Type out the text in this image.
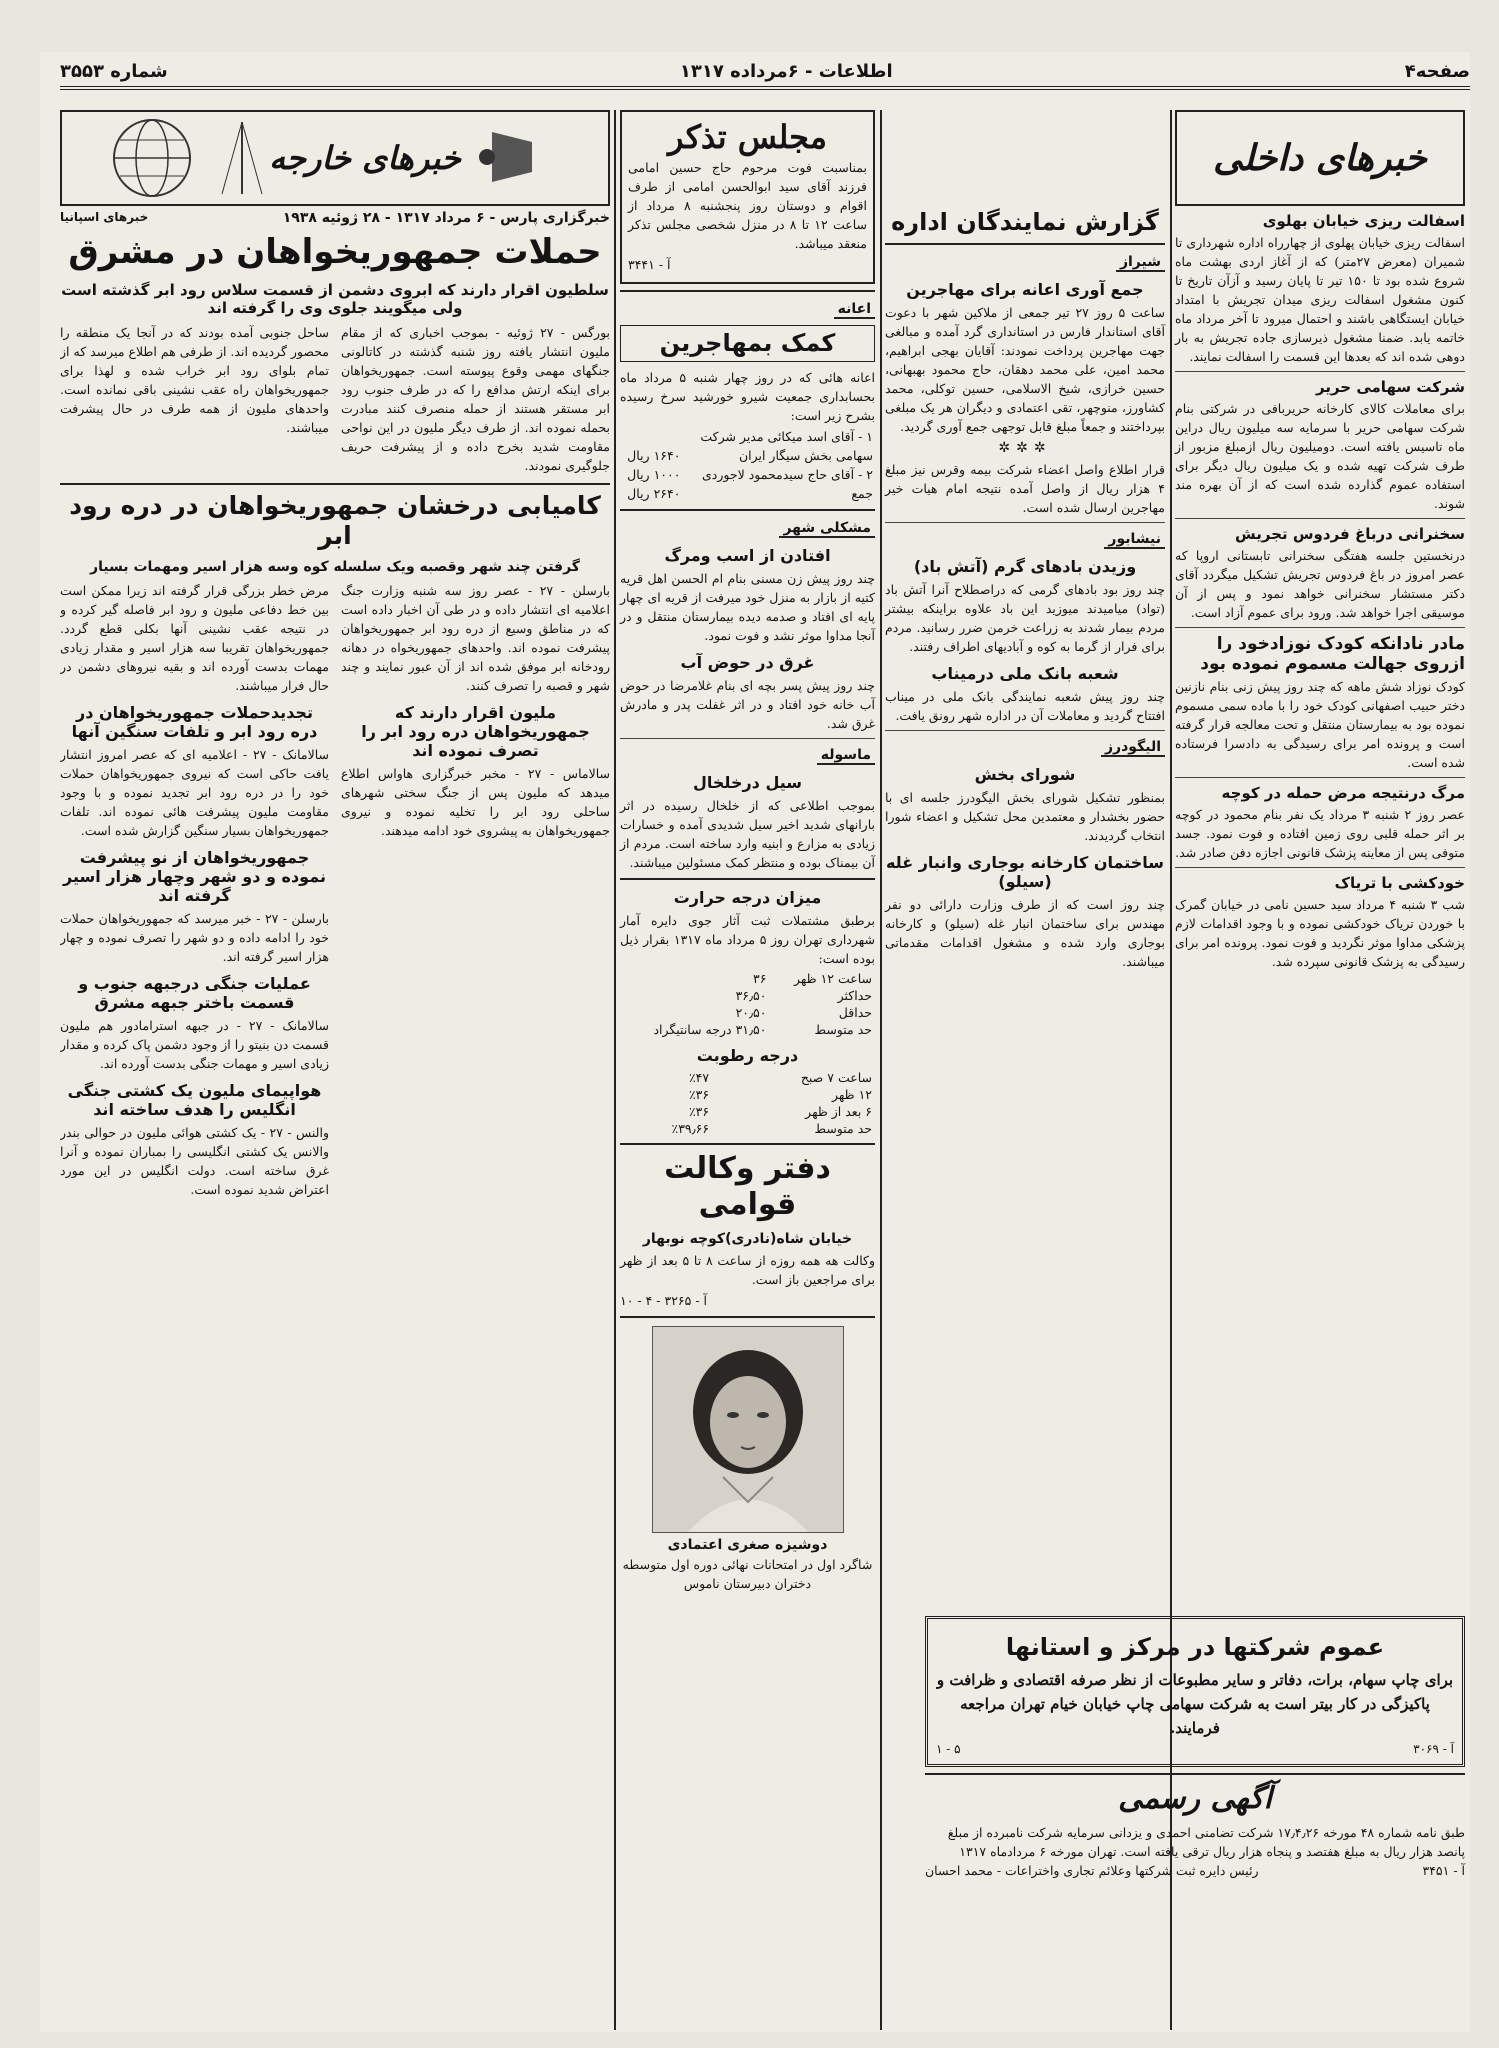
صفحه۴
اطلاعات - ۶مرداده ۱۳۱۷
شماره ۳۵۵۳
خبرهای داخلی
اسفالت ریزی خیابان بهلوی
اسفالت ریزی خیابان پهلوی از چهارراه اداره شهرداری تا شمیران (معرض ۲۷متر) که از آغاز اردی بهشت ماه شروع شده بود تا ۱۵۰ تیر تا پایان رسید و آزآن تاریخ تا کنون مشغول اسفالت ریزی میدان تجریش با امتداد خیابان ایستگاهی باشند و احتمال میرود تا آخر مرداد ماه خاتمه یابد. ضمنا مشغول ذیرسازی جاده تجریش به بار دوهی شده اند که بعدها این قسمت را اسفالت نمایند.
شرکت سهامی حریر
برای معاملات کالای کارخانه حریربافی در شرکتی بنام شرکت سهامی حریر با سرمایه سه میلیون ریال دراین ماه تاسیس یافته است. دومیلیون ریال ازمبلغ مزبور از طرف شرکت تهیه شده و یک میلیون ریال دیگر برای استفاده عموم گذارده شده است که از آن بهره مند شوند.
سخنرانی درباغ فردوس تجریش
درنخستین جلسه هفتگی سخنرانی تابستانی اروپا که عصر امروز در باغ فردوس تجریش تشکیل میگردد آقای دکتر مستشار سخنرانی خواهد نمود و پس از آن موسیقی اجرا خواهد شد. ورود برای عموم آزاد است.
مادر نادانکه کودک نوزادخود را ازروی جهالت مسموم نموده بود
کودک نوزاد شش ماهه که چند روز پیش زنی بنام نازنین دختر حبیب اصفهانی کودک خود را با ماده سمی مسموم نموده بود به بیمارستان منتقل و تحت معالجه قرار گرفته است و پرونده امر برای رسیدگی به دادسرا فرستاده شده است.
مرگ درنتیجه مرض حمله در کوچه
عصر روز ۲ شنبه ۳ مرداد یک نفر بنام محمود در کوچه بر اثر حمله قلبی روی زمین افتاده و فوت نمود. جسد متوفی پس از معاینه پزشک قانونی اجازه دفن صادر شد.
خودکشی با تریاک
شب ۳ شنبه ۴ مرداد سید حسین نامی در خیابان گمرک با خوردن تریاک خودکشی نموده و با وجود اقدامات لازم پزشکی مداوا موثر نگردید و فوت نمود. پرونده امر برای رسیدگی به پزشک قانونی سپرده شد.
گزارش نمایندگان اداره
شیراز
جمع آوری اعانه برای مهاجرین
ساعت ۵ روز ۲۷ تیر جمعی از ملاکین شهر با دعوت آقای استاندار فارس در استانداری گرد آمده و مبالغی جهت مهاجرین پرداخت نمودند: آقایان بهجی ابراهیم، محمد امین، علی محمد دهقان، حاج محمود بهبهانی، حسین خرازی، شیخ الاسلامی، حسین توکلی، محمد کشاورز، منوچهر، تقی اعتمادی و دیگران هر یک مبلغی بپرداختند و جمعاً مبلغ قابل توجهی جمع آوری گردید.
✲✲✲
قرار اطلاع واصل اعضاء شرکت بیمه وقرس نیز مبلغ ۴ هزار ریال از واصل آمده نتیجه امام هیات خیر مهاجرین ارسال شده است.
نیشابور
وزیدن بادهای گرم (آتش باد)
چند روز بود بادهای گرمی که دراصطلاح آنرا آتش باد (تواد) میامیدند میوزید این باد علاوه براینکه بیشتر مردم بیمار شدند به زراعت خرمن ضرر رسانید. مردم برای فرار از گرما به کوه و آبادیهای اطراف رفتند.
شعبه بانک ملی درمیناب
چند روز پیش شعبه نمایندگی بانک ملی در میناب افتتاح گردید و معاملات آن در اداره شهر رونق یافت.
الیگودرز
شورای بخش
بمنظور تشکیل شورای بخش الیگودرز جلسه ای با حضور بخشدار و معتمدین محل تشکیل و اعضاء شورا انتخاب گردیدند.
ساختمان کارخانه بوجاری وانبار غله (سیلو)
چند روز است که از طرف وزارت دارائی دو نفر مهندس برای ساختمان انبار غله (سیلو) و کارخانه بوجاری وارد شده و مشغول اقدامات مقدماتی میباشند.
مجلس تذکر
بمناسبت فوت مرحوم حاج حسین امامی فرزند آقای سید ابوالحسن امامی از طرف اقوام و دوستان روز پنجشنبه ۸ مرداد از ساعت ۱۲ تا ۸ در منزل شخصی مجلس تذکر منعقد میباشد.
آ - ۳۴۴۱
اعانه
کمک بمهاجرین
اعانه هائی که در روز چهار شنبه ۵ مرداد ماه بحسابداری جمعیت شیرو خورشید سرخ رسیده بشرح زیر است:
۱ - آقای اسد میکائی مدیر شرکت	
سهامی بخش سیگار ایران	۱۶۴۰ ریال
۲ - آقای حاج سیدمحمود لاجوردی	۱۰۰۰ ریال
جمع	۲۶۴۰ ریال
مشکلی شهر
افتادن از اسب ومرگ
چند روز پیش زن مسنی بنام ام الحسن اهل قریه کتیه از بازار به منزل خود میرفت از قریه ای چهار پایه ای افتاد و صدمه دیده بیمارستان منتقل و در آنجا مداوا موثر نشد و فوت نمود.
غرق در حوض آب
چند روز پیش پسر بچه ای بنام غلامرضا در حوض آب خانه خود افتاد و در اثر غفلت پدر و مادرش غرق شد.
ماسوله
سیل درخلخال
بموجب اطلاعی که از خلخال رسیده در اثر بارانهای شدید اخیر سیل شدیدی آمده و خسارات زیادی به مزارع و ابنیه وارد ساخته است. مردم از آن بیمناک بوده و منتظر کمک مسئولین میباشند.
میزان درجه حرارت
برطبق مشتملات ثبت آثار جوی دایره آمار شهرداری تهران روز ۵ مرداد ماه ۱۳۱۷ بقرار ذیل بوده است:
ساعت ۱۲ ظهر	۳۶
حداکثر	۳۶٫۵۰
حداقل	۲۰٫۵۰
حد متوسط	۳۱٫۵۰ درجه سانتیگراد
درجه رطوبت
ساعت ۷ صبح	٪۴۷
۱۲ ظهر	٪۳۶
۶ بعد از ظهر	٪۳۶
حد متوسط	٪۳۹٫۶۶
دفتر وکالت قوامی
خیابان شاه(نادری)کوچه نوبهار
وکالت هه همه روزه از ساعت ۸ تا ۵ بعد از ظهر برای مراجعین باز است.
آ - ۳۲۶۵ - ۴ - ۱۰
دوشیزه صغری اعتمادی
شاگرد اول در امتحانات نهائی دوره اول متوسطه دختران دبیرستان ناموس
خبرهای خارجه
خبرگزاری پارس - ۶ مرداد ۱۳۱۷ - ۲۸ ژوئیه ۱۹۳۸
خبرهای اسپانیا
حملات جمهوریخواهان در مشرق
سلطیون اقرار دارند که ابروی دشمن از قسمت سلاس رود ابر گذشته است ولی میگویند جلوی وی را گرفته اند
بورگس - ۲۷ ژوئیه - بموجب اخباری که از مقام ملیون انتشار یافته روز شنبه گذشته در کاتالونی جنگهای مهمی وقوع پیوسته است. جمهوریخواهان برای اینکه ارتش مدافع را که در طرف جنوب رود ابر مستقر هستند از حمله منصرف کنند مبادرت بحمله نموده اند. از طرف دیگر ملیون در این نواحی مقاومت شدید بخرج داده و از پیشرفت حریف جلوگیری نمودند.
ساحل جنوبی آمده بودند که در آنجا یک منطقه را محصور گردیده اند. از طرفی هم اطلاع میرسد که از تمام بلوای رود ابر خراب شده و لهذا برای جمهوریخواهان راه عقب نشینی باقی نمانده است. واحدهای ملیون از همه طرف در حال پیشرفت میباشند.
کامیابی درخشان جمهوریخواهان در دره رود ابر
گرفتن چند شهر وقصبه ویک سلسله کوه وسه هزار اسیر ومهمات بسیار
بارسلن - ۲۷ - عصر روز سه شنبه وزارت جنگ اعلامیه ای انتشار داده و در طی آن اخبار داده است که در مناطق وسیع از دره رود ابر جمهوریخواهان پیشرفت نموده اند. واحدهای جمهوریخواه در دهانه رودخانه ابر موفق شده اند از آن عبور نمایند و چند شهر و قصبه را تصرف کنند.
ملیون اقرار دارند که جمهوریخواهان دره رود ابر را تصرف نموده اند
سالاماس - ۲۷ - مخبر خبرگزاری هاواس اطلاع میدهد که ملیون پس از جنگ سختی شهرهای ساحلی رود ابر را تخلیه نموده و نیروی جمهوریخواهان به پیشروی خود ادامه میدهند.
مرض خطر بزرگی قرار گرفته اند زیرا ممکن است بین خط دفاعی ملیون و رود ابر فاصله گیر کرده و در نتیجه عقب نشینی آنها بکلی قطع گردد. جمهوریخواهان تقریبا سه هزار اسیر و مقدار زیادی مهمات بدست آورده اند و بقیه نیروهای دشمن در حال فرار میباشند.
تجدیدحملات جمهوریخواهان در دره رود ابر و تلفات سنگین آنها
سالامانک - ۲۷ - اعلامیه ای که عصر امروز انتشار یافت حاکی است که نیروی جمهوریخواهان حملات خود را در دره رود ابر تجدید نموده و با وجود مقاومت ملیون پیشرفت هائی نموده اند. تلفات جمهوریخواهان بسیار سنگین گزارش شده است.
جمهوریخواهان از نو پیشرفت نموده و دو شهر وچهار هزار اسیر گرفته اند
بارسلن - ۲۷ - خبر میرسد که جمهوریخواهان حملات خود را ادامه داده و دو شهر را تصرف نموده و چهار هزار اسیر گرفته اند.
عملیات جنگی درجبهه جنوب و قسمت باختر جبهه مشرق
سالامانک - ۲۷ - در جبهه استرامادور هم ملیون قسمت دن بنیتو را از وجود دشمن پاک کرده و مقدار زیادی اسیر و مهمات جنگی بدست آورده اند.
هواپیمای ملیون یک کشتی جنگی انگلیس را هدف ساخته اند
والنس - ۲۷ - یک کشتی هوائی ملیون در حوالی بندر والانس یک کشتی انگلیسی را بمباران نموده و آنرا غرق ساخته است. دولت انگلیس در این مورد اعتراض شدید نموده است.
عموم شرکتها در مرکز و استانها
برای چاپ سهام، برات، دفاتر و سایر مطبوعات از نظر صرفه اقتصادی و ظرافت و پاکیزگی در کار بیتر است به شرکت سهامی چاپ خیابان خیام تهران مراجعه فرمایند.
آ - ۳۰۶۹
۵ - ۱
آگهی رسمی
طبق نامه شماره ۴۸ مورخه ۱۷٫۴٫۲۶ شرکت تضامنی احمدی و یزدانی سرمایه شرکت نامبرده از مبلغ پانصد هزار ریال به مبلغ هفتصد و پنجاه هزار ریال ترقی یافته است. تهران مورخه ۶ مردادماه ۱۳۱۷
آ - ۳۴۵۱
رئیس دایره ثبت شرکتها وعلائم تجاری واختراعات - محمد احسان
